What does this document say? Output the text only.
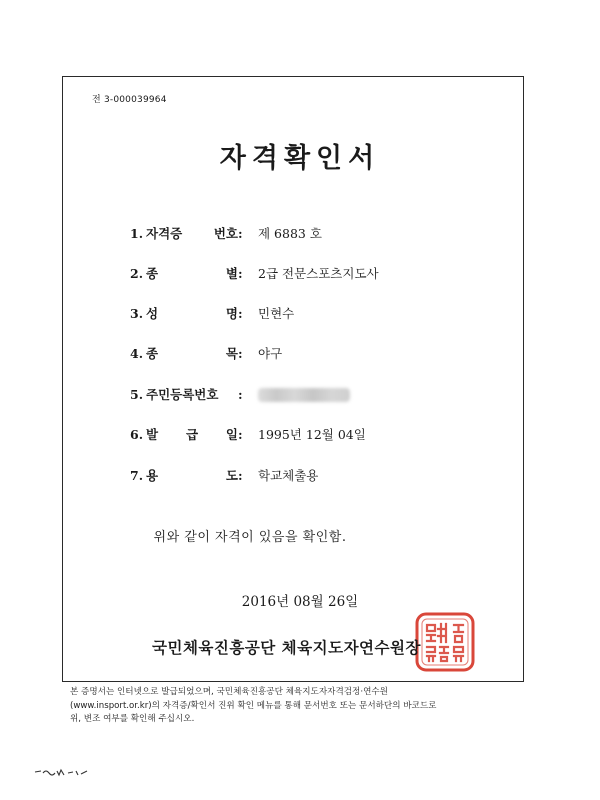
전 3-000039964
자격확인서
1. 자격증 번호: 제 6883 호
2. 종 별: 2급 전문스포츠지도사
3. 성 명: 민현수
4. 종 목: 야구
5. 주민등록번호 :
6. 발 급 일: 1995년 12월 04일
7. 용 도: 학교체출용
위와 같이 자격이 있음을 확인함.
2016년 08월 26일
국민체육진흥공단 체육지도자연수원장
본 증명서는 인터넷으로 발급되었으며, 국민체육진흥공단 체육지도자자격검정·연수원
(www.insport.or.kr)의 자격증/확인서 진위 확인 메뉴를 통해 문서번호 또는 문서하단의 바코드로
위, 변조 여부를 확인해 주십시오.
